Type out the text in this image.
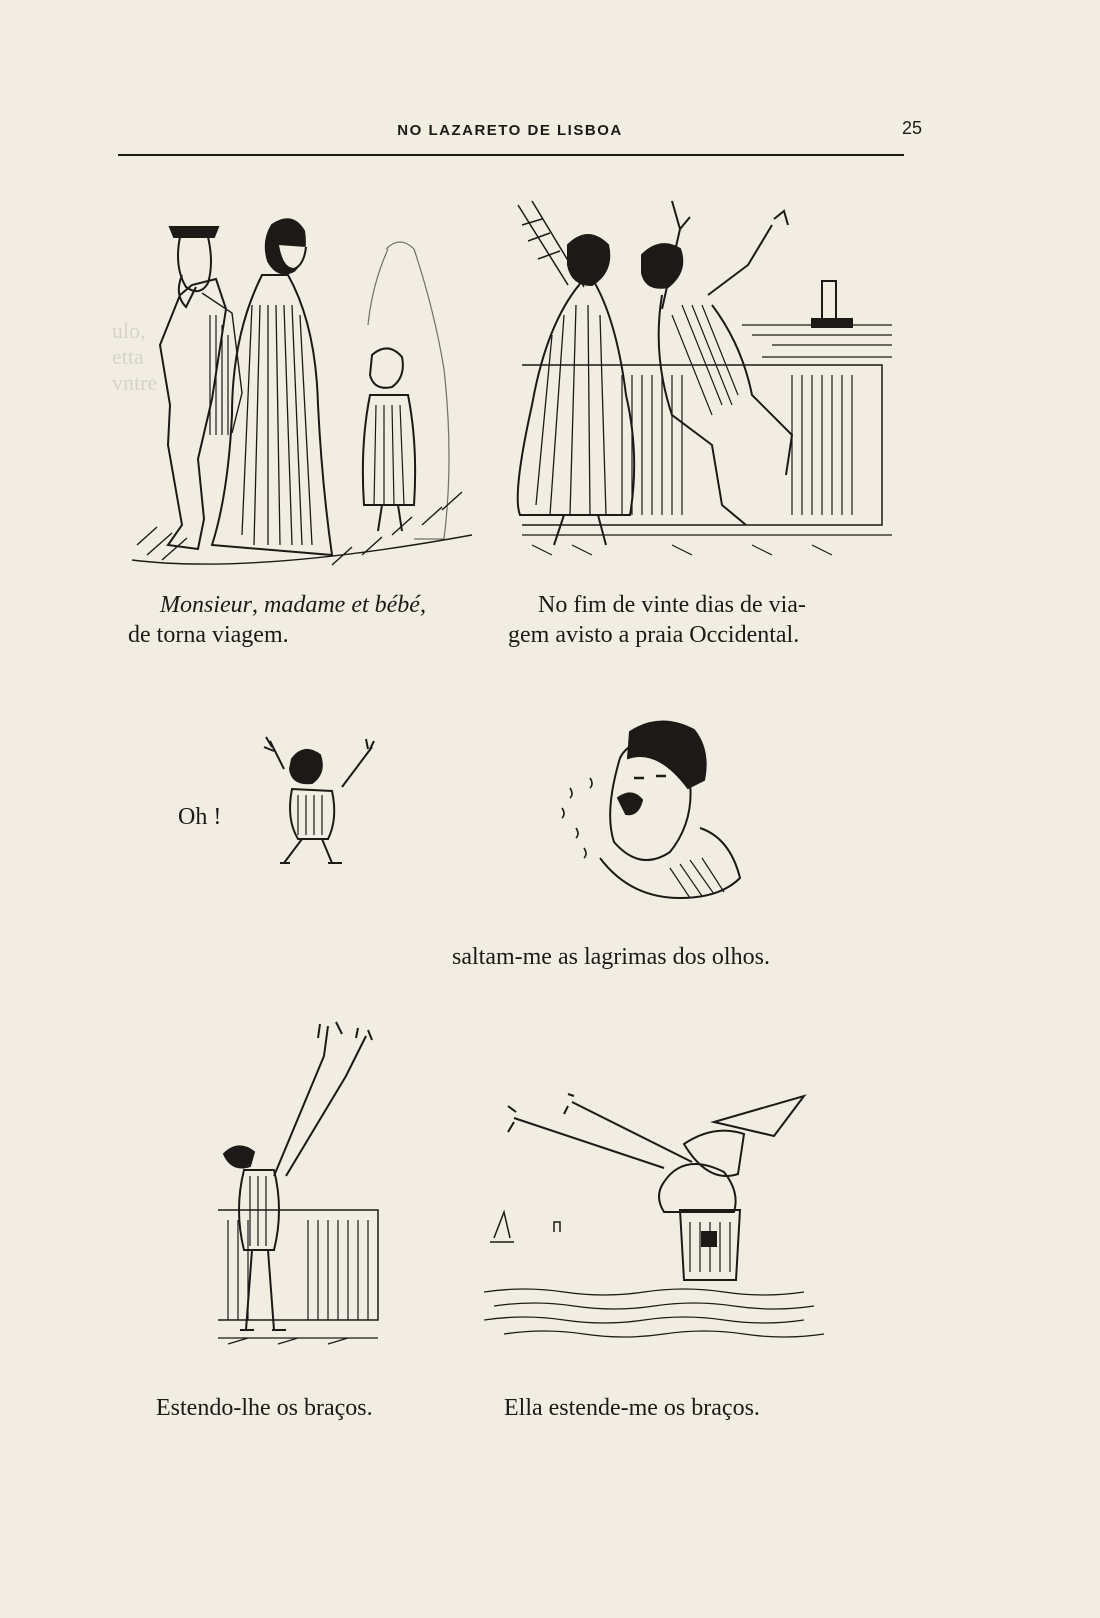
ulo,
etta
vntre
NO LAZARETO DE LISBOA	25
Monsieur, madame et bébé,
de torna viagem.
No fim de vinte dias de via-
gem avisto a praia Occidental.
Oh !
saltam-me as lagrimas dos olhos.
Estendo-lhe os braços.	Ella estende-me os braços.
